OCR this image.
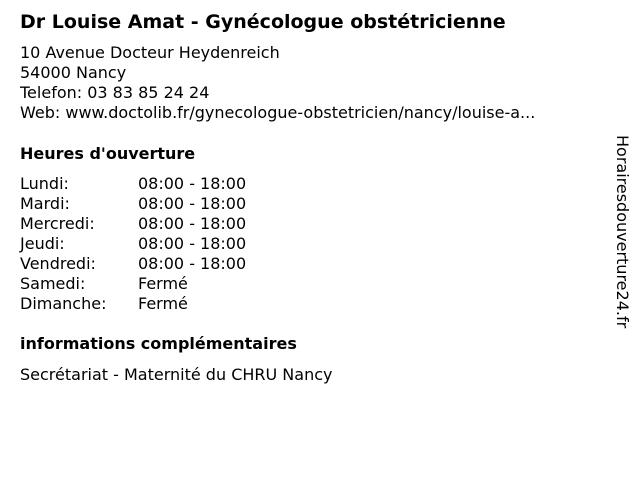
Dr Louise Amat - Gynécologue obstétricienne
10 Avenue Docteur Heydenreich
54000 Nancy
Telefon: 03 83 85 24 24
Web: www.doctolib.fr/gynecologue-obstetricien/nancy/louise-a...
Heures d'ouverture
Lundi:	08:00 - 18:00
Mardi:	08:00 - 18:00
Mercredi:	08:00 - 18:00
Jeudi:	08:00 - 18:00
Vendredi:	08:00 - 18:00
Samedi:	Fermé
Dimanche: Fermé
informations complémentaires
Secrétariat - Maternité du CHRU Nancy
Horairesdouverture24.fr
